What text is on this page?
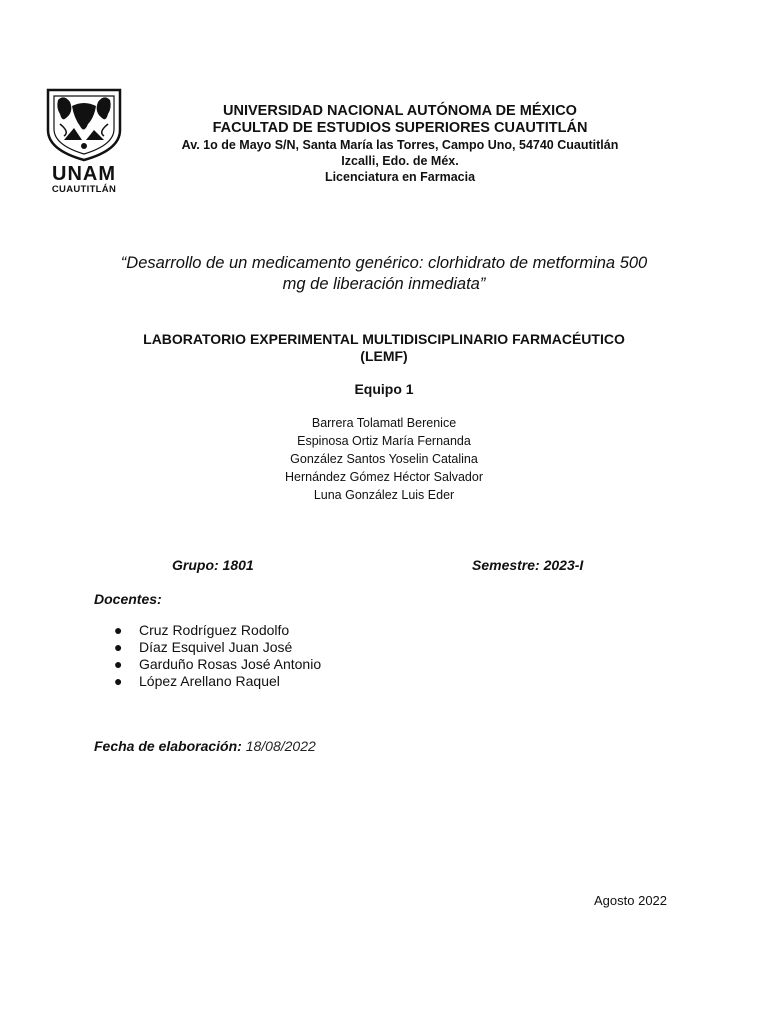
UNAM
CUAUTITLÁN
UNIVERSIDAD NACIONAL AUTÓNOMA DE MÉXICO
FACULTAD DE ESTUDIOS SUPERIORES CUAUTITLÁN
Av. 1o de Mayo S/N, Santa María las Torres, Campo Uno, 54740 Cuautitlán
Izcalli, Edo. de Méx.
Licenciatura en Farmacia
“Desarrollo de un medicamento genérico: clorhidrato de metformina 500
mg de liberación inmediata”
LABORATORIO EXPERIMENTAL MULTIDISCIPLINARIO FARMACÉUTICO
(LEMF)
Equipo 1
Barrera Tolamatl Berenice
Espinosa Ortiz María Fernanda
González Santos Yoselin Catalina
Hernández Gómez Héctor Salvador
Luna González Luis Eder
Grupo: 1801	Semestre: 2023-I
Docentes:
●	Cruz Rodríguez Rodolfo
●	Díaz Esquivel Juan José
●	Garduño Rosas José Antonio
●	López Arellano Raquel
Fecha de elaboración: 18/08/2022
Agosto 2022
